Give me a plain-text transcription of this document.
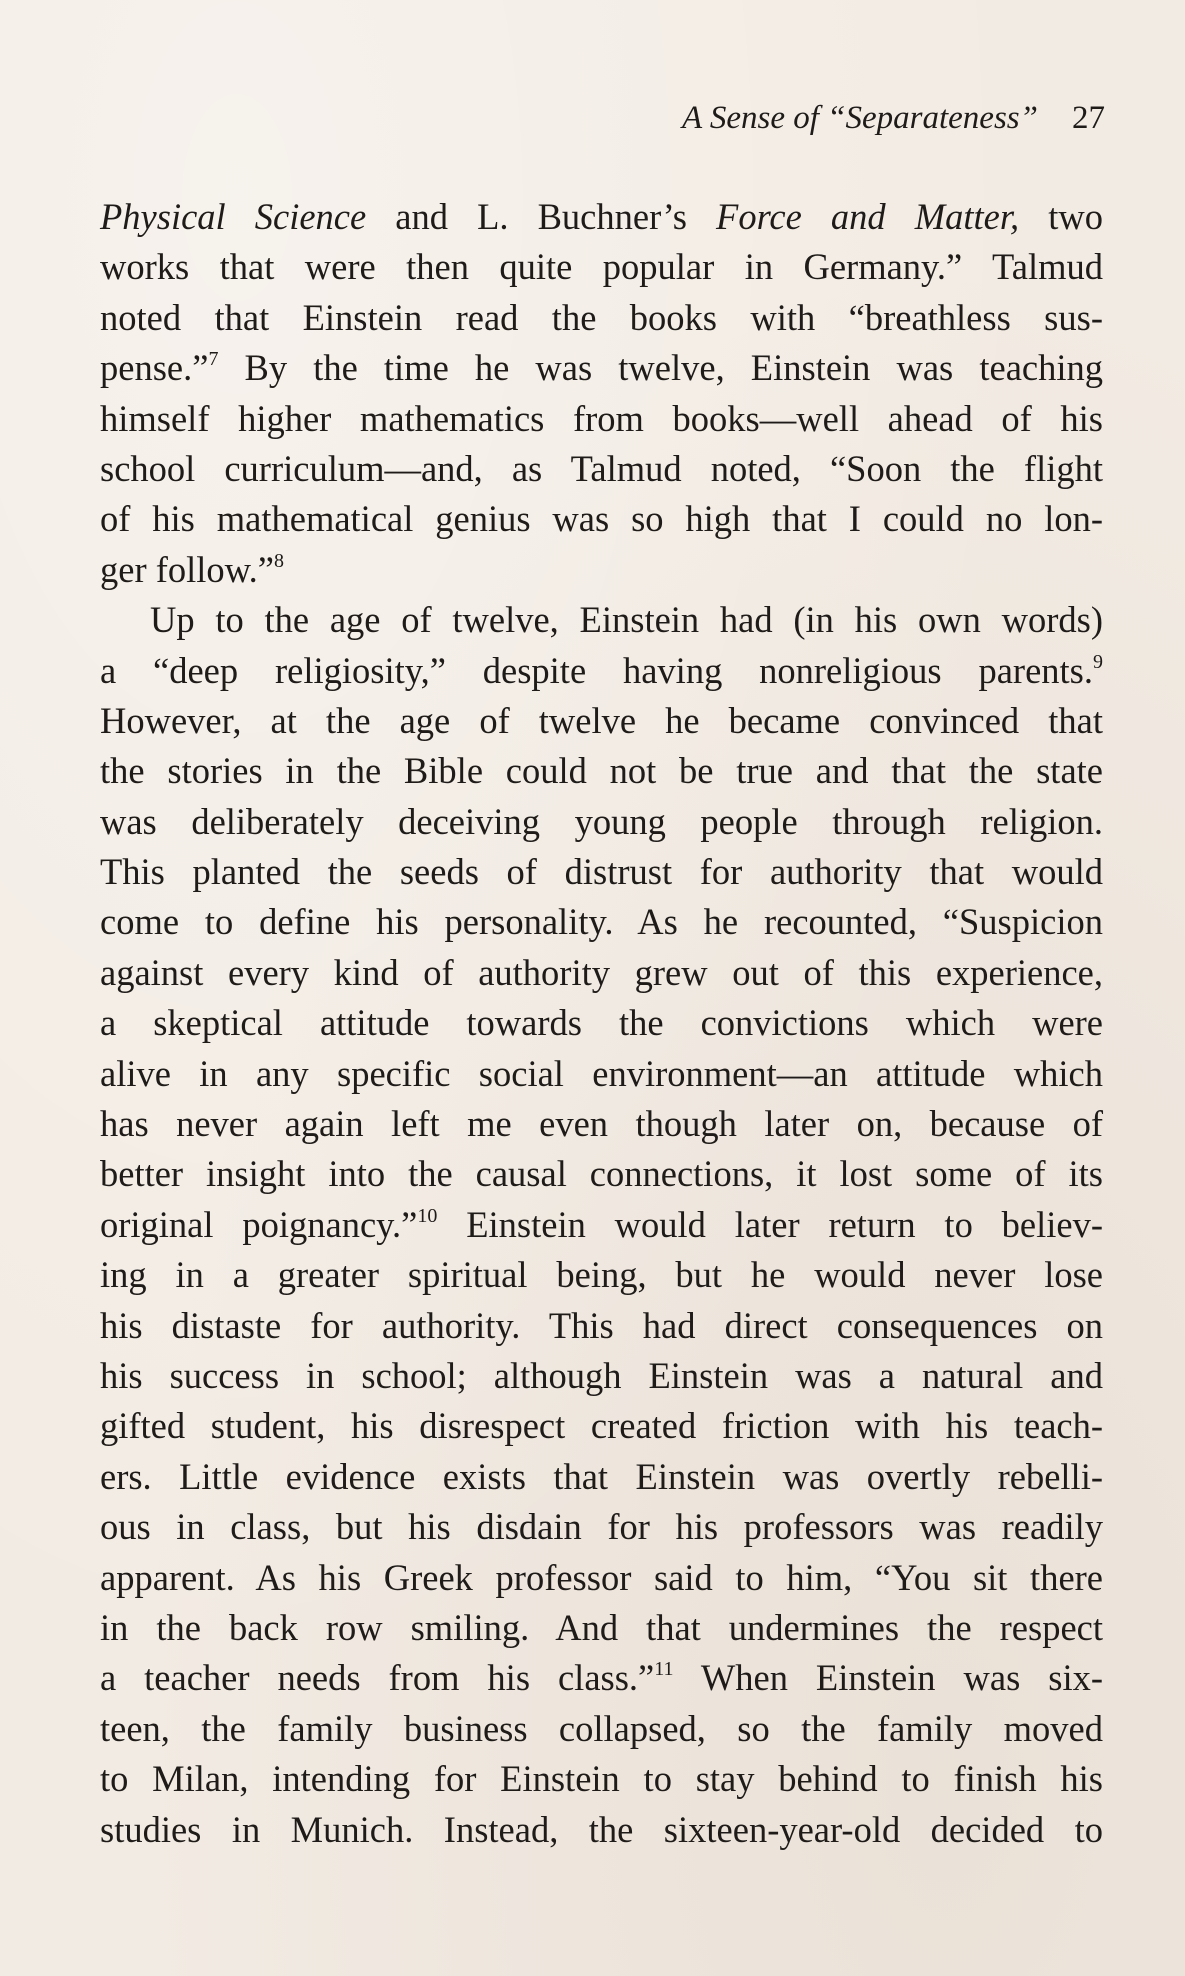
A Sense of “Separateness” 27
Physical Science and L. Buchner’s Force and Matter, two
works that were then quite popular in Germany.” Talmud
noted that Einstein read the books with “breathless sus-
pense.”$^7$ By the time he was twelve, Einstein was teaching
himself higher mathematics from books—well ahead of his
school curriculum—and, as Talmud noted, “Soon the flight
of his mathematical genius was so high that I could no lon-
ger follow.”$^8$
Up to the age of twelve, Einstein had (in his own words)
a “deep religiosity,” despite having nonreligious parents.$^9$
However, at the age of twelve he became convinced that
the stories in the Bible could not be true and that the state
was deliberately deceiving young people through religion.
This planted the seeds of distrust for authority that would
come to define his personality. As he recounted, “Suspicion
against every kind of authority grew out of this experience,
a skeptical attitude towards the convictions which were
alive in any specific social environment—an attitude which
has never again left me even though later on, because of
better insight into the causal connections, it lost some of its
original poignancy.”$^{10}$ Einstein would later return to believ-
ing in a greater spiritual being, but he would never lose
his distaste for authority. This had direct consequences on
his success in school; although Einstein was a natural and
gifted student, his disrespect created friction with his teach-
ers. Little evidence exists that Einstein was overtly rebelli-
ous in class, but his disdain for his professors was readily
apparent. As his Greek professor said to him, “You sit there
in the back row smiling. And that undermines the respect
a teacher needs from his class.”$^{11}$ When Einstein was six-
teen, the family business collapsed, so the family moved
to Milan, intending for Einstein to stay behind to finish his
studies in Munich. Instead, the sixteen-year-old decided to
